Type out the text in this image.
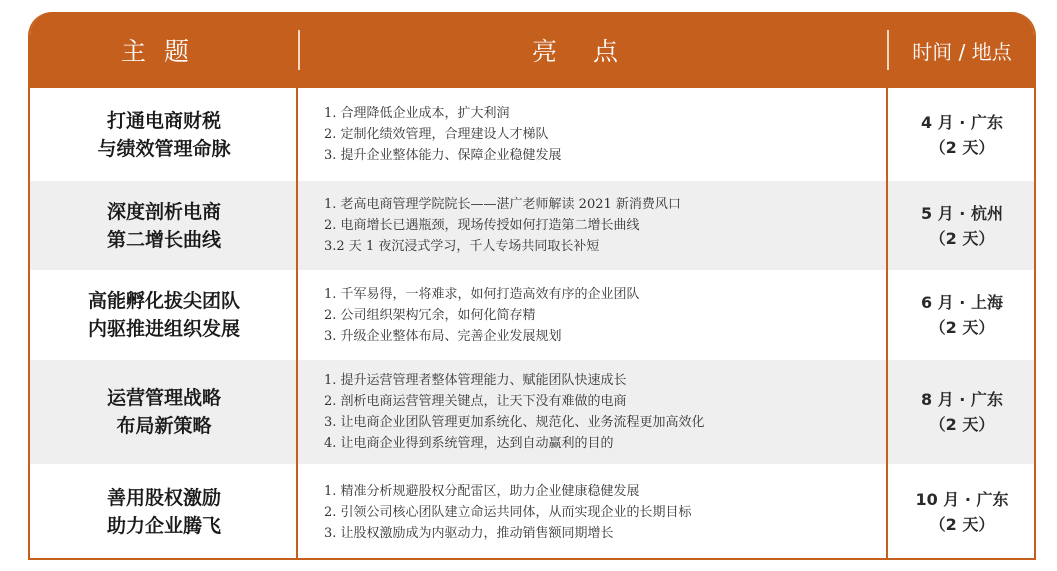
主题	亮点	时间 / 地点
打通电商财税
与绩效管理命脉
1. 合理降低企业成本，扩大利润
2. 定制化绩效管理，合理建设人才梯队
3. 提升企业整体能力、保障企业稳健发展
4 月 · 广东
（2 天）
深度剖析电商
第二增长曲线
1. 老高电商管理学院院长——湛广老师解读 2021 新消费风口
2. 电商增长已遇瓶颈，现场传授如何打造第二增长曲线
3.2 天 1 夜沉浸式学习，千人专场共同取长补短
5 月 · 杭州
（2 天）
高能孵化拔尖团队
内驱推进组织发展
1. 千军易得，一将难求，如何打造高效有序的企业团队
2. 公司组织架构冗余，如何化简存精
3. 升级企业整体布局、完善企业发展规划
6 月 · 上海
（2 天）
运营管理战略
布局新策略
1. 提升运营管理者整体管理能力、赋能团队快速成长
2. 剖析电商运营管理关键点，让天下没有难做的电商
3. 让电商企业团队管理更加系统化、规范化、业务流程更加高效化
4. 让电商企业得到系统管理，达到自动赢利的目的
8 月 · 广东
（2 天）
善用股权激励
助力企业腾飞
1. 精准分析规避股权分配雷区，助力企业健康稳健发展
2. 引领公司核心团队建立命运共同体，从而实现企业的长期目标
3. 让股权激励成为内驱动力，推动销售额同期增长
10 月 · 广东
（2 天）
